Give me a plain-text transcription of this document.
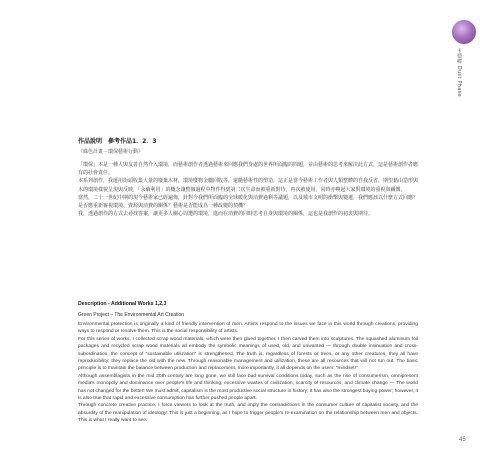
卡德鄉 Dust Phase

作品說明　參考作品1．2．3

《綠色計畫－環保藝術行動》

「環保」本是一種人與友善自然介入環境，而藝術創作者透過藝術來回應我們身處的世界所面臨的問題，並由藝術的思考來解決此方式，這是藝術創作者應有的社會責任。

本系列創作，我運用街頭收集大量的廢棄木材，環境廢物金屬回收等，還隨藝術性的塑造，這正是當今藝術工作者與人類整體的自我反省，期望藉由造形與木的環境樣貌呈現與反映，「永續利用」的概念讓整個過程中物件得到第二次生命而被重新對待，再次被使用，同時亦喚起大家對環境的重視與關懷。

當然，二十一世紀中期的現今藝術家已經遍佈，針對今我們所面臨的全球暖化與消費過剩等議題，以及城市文明的衝擊與變遷，我們應該以什麼方式回應？是否應重新審視環境、資源與消費的關係？藝術是否能成為一種改變的契機？

我，透過創作的方式去尋找答案，讓更多人關心周遭的環境，進而在消費的同時思考自身與環境的關係，這也是我創作的初衷與期待。

Description - Additional Works 1,2,3

Green Project – The Environmental Art Creation

Environmental protection is originally a kind of friendly intervention of men. Artists respond to the issues we face in this world through creations, providing ways to respond or resolve them. This is the social responsibility of artists.

For this series of works, I collected scrap wood materials, which were then glued together. I then carved them into sculptures. The squashed aluminum foil packages and recycled scrap wood materials all embody the symbolic meanings of used, old, and unwanted — through double insinuation and cross-subordination, the concept of "sustainable utilization" is strengthened. The truth is, regardless of forests or trees, or any other creatures, they all have reproducibility; they replace the old with the new. Through reasonable management and utilization, these are all resources that will not run out. The basic principle is to maintain the balance between production and replacement, more importantly, it all depends on the users' "mindset!"

Although assemblagists in the mid 20th century are long gone, we still face bad survival conditions today, such as the rise of consumerism, omnipresent media's monopoly and dominance over people's life and thinking, excessive wastes of civilization, scarcity of resources, and climate change — The world has not changed for the better! We must admit, capitalism is the most productive social structure in history; it has also the strongest buying power; however, it is also true that rapid and excessive consumption has further pushed people apart.

Through concrete creative practice, I force viewers to look at the truth, and imply the contradictions in the consumer culture of capitalist society, and the absurdity of the manipulation of ideology! This is just a beginning, as I hope to trigger people's re-examination on the relationship between men and objects. This is what I really want to see.

45
